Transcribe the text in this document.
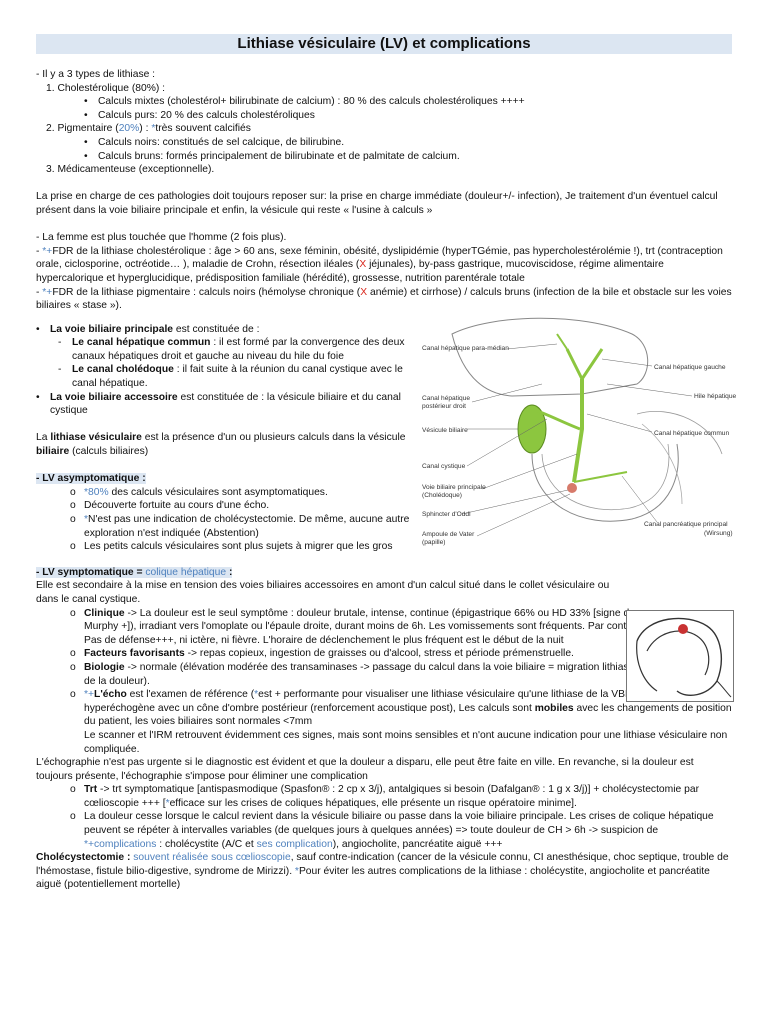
Lithiase vésiculaire (LV) et complications

- Il y a 3 types de lithiase :

1. Cholestérolique (80%) :

•	Calculs mixtes (cholestérol+ bilirubinate de calcium) : 80 % des calculs cholestéroliques ++++
•	Calculs purs: 20 % des calculs cholestéroliques

2. Pigmentaire (20%) : *très souvent calcifiés

•	Calculs noirs: constitués de sel calcique, de bilirubine.
•	Calculs bruns: formés principalement de bilirubinate et de palmitate de calcium.

3. Médicamenteuse (exceptionnelle).

La prise en charge de ces pathologies doit toujours reposer sur: la prise en charge immédiate (douleur+/- infection), Je traitement d'un éventuel calcul présent dans la voie biliaire principale et enfin, la vésicule qui reste « l'usine à calculs »

- La femme est plus touchée que l'homme (2 fois plus).

- *+FDR de la lithiase cholestérolique : âge > 60 ans, sexe féminin, obésité, dyslipidémie (hyperTGémie, pas hypercholestérolémie !), trt (contraception orale, ciclosporine, octréotide… ), maladie de Crohn, résection iléales (X jéjunales), by-pass gastrique, mucoviscidose, régime alimentaire hypercalorique et hyperglucidique, prédisposition familiale (hérédité), grossesse, nutrition parentérale totale

- *+FDR de la lithiase pigmentaire : calculs noirs (hémolyse chronique (X anémie) et cirrhose) / calculs bruns (infection de la bile et obstacle sur les voies biliaires « stase »).

•	La voie biliaire principale est constituée de :
-	Le canal hépatique commun : il est formé par la convergence des deux canaux hépatiques droit et gauche au niveau du hile du foie
-	Le canal cholédoque : il fait suite à la réunion du canal cystique avec le canal hépatique.
•	La voie biliaire accessoire est constituée de : la vésicule biliaire et du canal cystique

La lithiase vésiculaire est la présence d'un ou plusieurs calculs dans la vésicule biliaire (calculs biliaires)

- LV asymptomatique :

o *80% des calculs vésiculaires sont asymptomatiques.
o Découverte fortuite au cours d'une écho.
o *N'est pas une indication de cholécystectomie. De même, aucune autre exploration n'est indiquée (Abstention)
o Les petits calculs vésiculaires sont plus sujets à migrer que les gros

- LV symptomatique = colique hépatique :

Elle est secondaire à la mise en tension des voies biliaires accessoires en amont d'un calcul situé dans le collet vésiculaire ou dans le canal cystique.

o Clinique -> La douleur est le seul symptôme : douleur brutale, intense, continue (épigastrique 66% ou HD 33% [signe de Murphy +]), irradiant vers l'omoplate ou l'épaule droite, durant moins de 6h. Les vomissements sont fréquents. Par contre, Pas de défense+++, ni ictère, ni fièvre. L'horaire de déclenchement le plus fréquent est le début de la nuit
o Facteurs favorisants -> repas copieux, ingestion de graisses ou d'alcool, stress et période prémenstruelle.
o Biologie -> normale (élévation modérée des transaminases -> passage du calcul dans la voie biliaire = migration lithiasique -> origine biliaire de la douleur).
o *+L'écho est l'examen de référence (*est + performante pour visualiser une lithiase vésiculaire qu'une lithiase de la VBP). La lithiase est hyperéchogène avec un cône d'ombre postérieur (renforcement acoustique post), Les calculs sont mobiles avec les changements de position du patient, les voies biliaires sont normales <7mm
Le scanner et l'IRM retrouvent évidemment ces signes, mais sont moins sensibles et n'ont aucune indication pour une lithiase vésiculaire non compliquée.

L'échographie n'est pas urgente si le diagnostic est évident et que la douleur a disparu, elle peut être faite en ville. En revanche, si la douleur est toujours présente, l'échographie s'impose pour éliminer une complication

o Trt -> trt symptomatique [antispasmodique (Spasfon® : 2 cp x 3/j), antalgiques si besoin (Dafalgan® : 1 g x 3/j)] + cholécystectomie par cœlioscopie +++ [*efficace sur les crises de coliques hépatiques, elle présente un risque opératoire minime].
o La douleur cesse lorsque le calcul revient dans la vésicule biliaire ou passe dans la voie biliaire principale. Les crises de colique hépatique peuvent se répéter à intervalles variables (de quelques jours à quelques années) => toute douleur de CH > 6h -> suspicion de *+complications : cholécystite (A/C et ses complication), angiocholite, pancréatite aiguë +++

Cholécystectomie : souvent réalisée sous cœlioscopie, sauf contre-indication (cancer de la vésicule connu, CI anesthésique, choc septique, trouble de l'hémostase, fistule bilio-digestive, syndrome de Mirizzi). *Pour éviter les autres complications de la lithiase : cholécystite, angiocholite et pancréatite aiguë (potentiellement mortelle)

Canal hépatique para-médian
Canal hépatique gauche
Canal hépatique
postérieur droit
Hile hépatique
Vésicule biliaire	Canal hépatique commun
Canal cystique
Voie biliaire principale
(Cholédoque)
Sphincter d'Oddi
Ampoule de Vater
(papille)
Canal pancréatique principal
(Wirsung)
